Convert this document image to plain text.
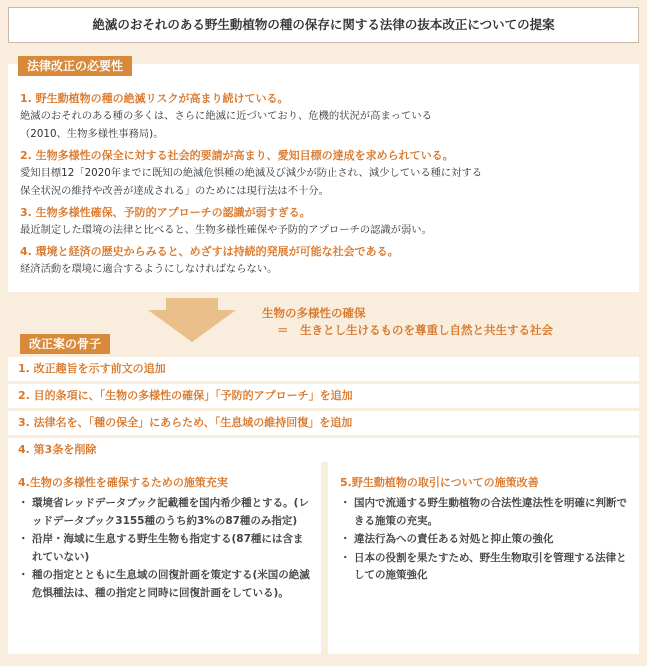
絶滅のおそれのある野生動植物の種の保存に関する法律の抜本改正についての提案
法律改正の必要性
1. 野生動植物の種の絶滅リスクが高まり続けている。

絶滅のおそれのある種の多くは、さらに絶滅に近づいており、危機的状況が高まっている
（2010、生物多様性事務局)。

2. 生物多様性の保全に対する社会的要請が高まり、愛知目標の達成を求められている。

愛知目標12「2020年までに既知の絶滅危惧種の絶滅及び減少が防止され、減少している種に対する
保全状況の維持や改善が達成される」のためには現行法は不十分。

3. 生物多様性確保、予防的アプローチの認識が弱すぎる。

最近制定した環境の法律と比べると、生物多様性確保や予防的アプローチの認識が弱い。

4. 環境と経済の歴史からみると、めざすは持続的発展が可能な社会である。

経済活動を環境に適合するようにしなければならない。

生物の多様性の確保
＝　生きとし生けるものを尊重し自然と共生する社会
改正案の骨子
1. 改正趣旨を示す前文の追加
2. 目的条項に、「生物の多様性の確保」「予防的アプローチ」を追加
3. 法律名を、「種の保全」にあらため、「生息域の維持回復」を追加
4. 第3条を削除
4.生物の多様性を確保するための施策充実
・ 環境省レッドデータブック記載種を国内希少種とする。(レッドデータブック3155種のうち約3%の87種のみ指定)
・ 沿岸・海域に生息する野生生物も指定する(87種には含まれていない)
・ 種の指定とともに生息域の回復計画を策定する(米国の絶滅危惧種法は、種の指定と同時に回復計画をしている)。
5.野生動植物の取引についての施策改善
・ 国内で流通する野生動植物の合法性違法性を明確に判断できる施策の充実。
・ 違法行為への責任ある対処と抑止策の強化
・ 日本の役割を果たすため、野生生物取引を管理する法律としての施策強化
